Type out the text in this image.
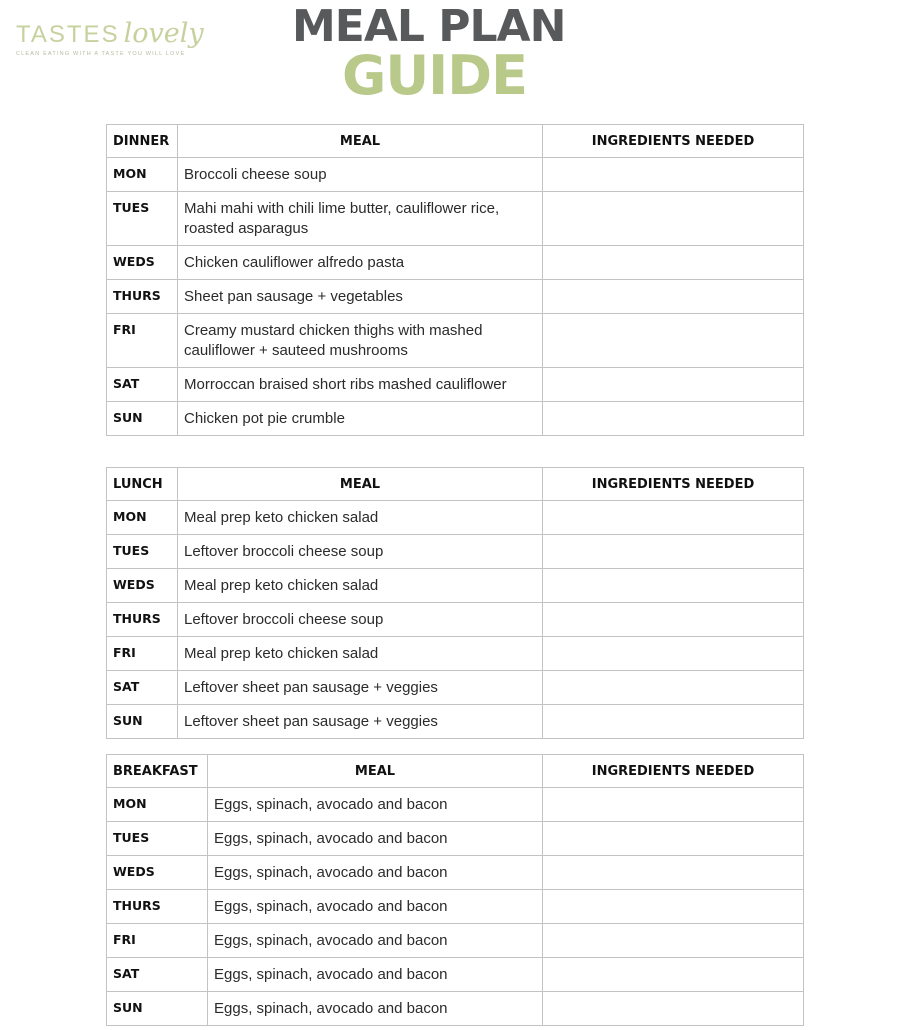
TASTES lovely
CLEAN EATING WITH A TASTE YOU WILL LOVE
MEAL PLAN
GUIDE
DINNER	MEAL	INGREDIENTS NEEDED
MON	Broccoli cheese soup	
TUES	Mahi mahi with chili lime butter, cauliflower rice, roasted asparagus	
WEDS	Chicken cauliflower alfredo pasta	
THURS	Sheet pan sausage + vegetables	
FRI	Creamy mustard chicken thighs with mashed cauliflower + sauteed mushrooms	
SAT	Morroccan braised short ribs mashed cauliflower	
SUN	Chicken pot pie crumble	
LUNCH	MEAL	INGREDIENTS NEEDED
MON	Meal prep keto chicken salad	
TUES	Leftover broccoli cheese soup	
WEDS	Meal prep keto chicken salad	
THURS	Leftover broccoli cheese soup	
FRI	Meal prep keto chicken salad	
SAT	Leftover sheet pan sausage + veggies	
SUN	Leftover sheet pan sausage + veggies	
BREAKFAST	MEAL	INGREDIENTS NEEDED
MON	Eggs, spinach, avocado and bacon	
TUES	Eggs, spinach, avocado and bacon	
WEDS	Eggs, spinach, avocado and bacon	
THURS	Eggs, spinach, avocado and bacon	
FRI	Eggs, spinach, avocado and bacon	
SAT	Eggs, spinach, avocado and bacon	
SUN	Eggs, spinach, avocado and bacon	
